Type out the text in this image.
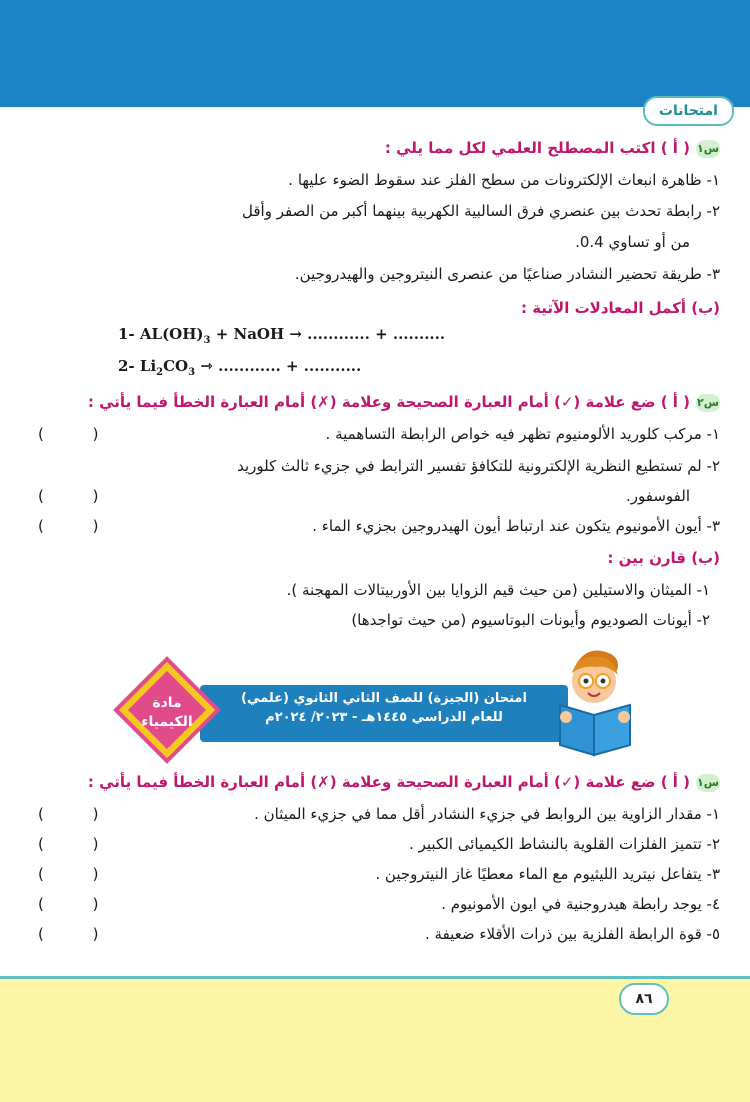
امتحانات
س١( أ ) اكتب المصطلح العلمي لكل مما يلي :
١- ظاهرة انبعاث الإلكترونات من سطح الفلز عند سقوط الضوء عليها .
٢- رابطة تحدث بين عنصري فرق السالبية الكهربية بينهما أكبر من الصفر وأقل
من أو تساوي 0.4.
٣- طريقة تحضير النشادر صناعيًا من عنصرى النيتروجين والهيدروجين.
(ب) أكمل المعادلات الآتية :
1- $AL(OH)_3$ + NaOH → ............ + ..........
2- $Li_2CO_3$ ⇾ ............ + ...........
س٢( أ ) ضع علامة (✓) أمام العبارة الصحيحة وعلامة (✗) أمام العبارة الخطأ فيما يأتي :
١- مركب كلوريد الألومنيوم تظهر فيه خواص الرابطة التساهمية .
( )
٢- لم تستطيع النظرية الإلكترونية للتكافؤ تفسير الترابط في جزيء ثالث كلوريد
الفوسفور.
( )
٣- أيون الأمونيوم يتكون عند ارتباط أيون الهيدروجين بجزيء الماء .
( )
(ب) قارن بين :
١- الميثان والاستيلين (من حيث قيم الزوايا بين الأوربيتالات المهجنة ).
٢- أيونات الصوديوم وأيونات البوتاسيوم (من حيث تواجدها)
س١( أ ) ضع علامة (✓) أمام العبارة الصحيحة وعلامة (✗) أمام العبارة الخطأ فيما يأتي :
١- مقدار الزاوية بين الروابط في جزيء النشادر أقل مما في جزيء الميثان .
( )
٢- تتميز الفلزات القلوية بالنشاط الكيميائى الكبير .
( )
٣- يتفاعل نيتريد الليثيوم مع الماء معطيًا غاز النيتروجين .
( )
٤- يوجد رابطة هيدروجنية في ايون الأمونيوم .
( )
٥- قوة الرابطة الفلزية بين ذرات الأقلاء ضعيفة .
( )
امتحان (الجيزة) للصف الثاني الثانوي (علمي)
للعام الدراسي ١٤٤٥هـ - ٢٠٢٣/ ٢٠٢٤م
مادة
الكيمياء
٨٦
